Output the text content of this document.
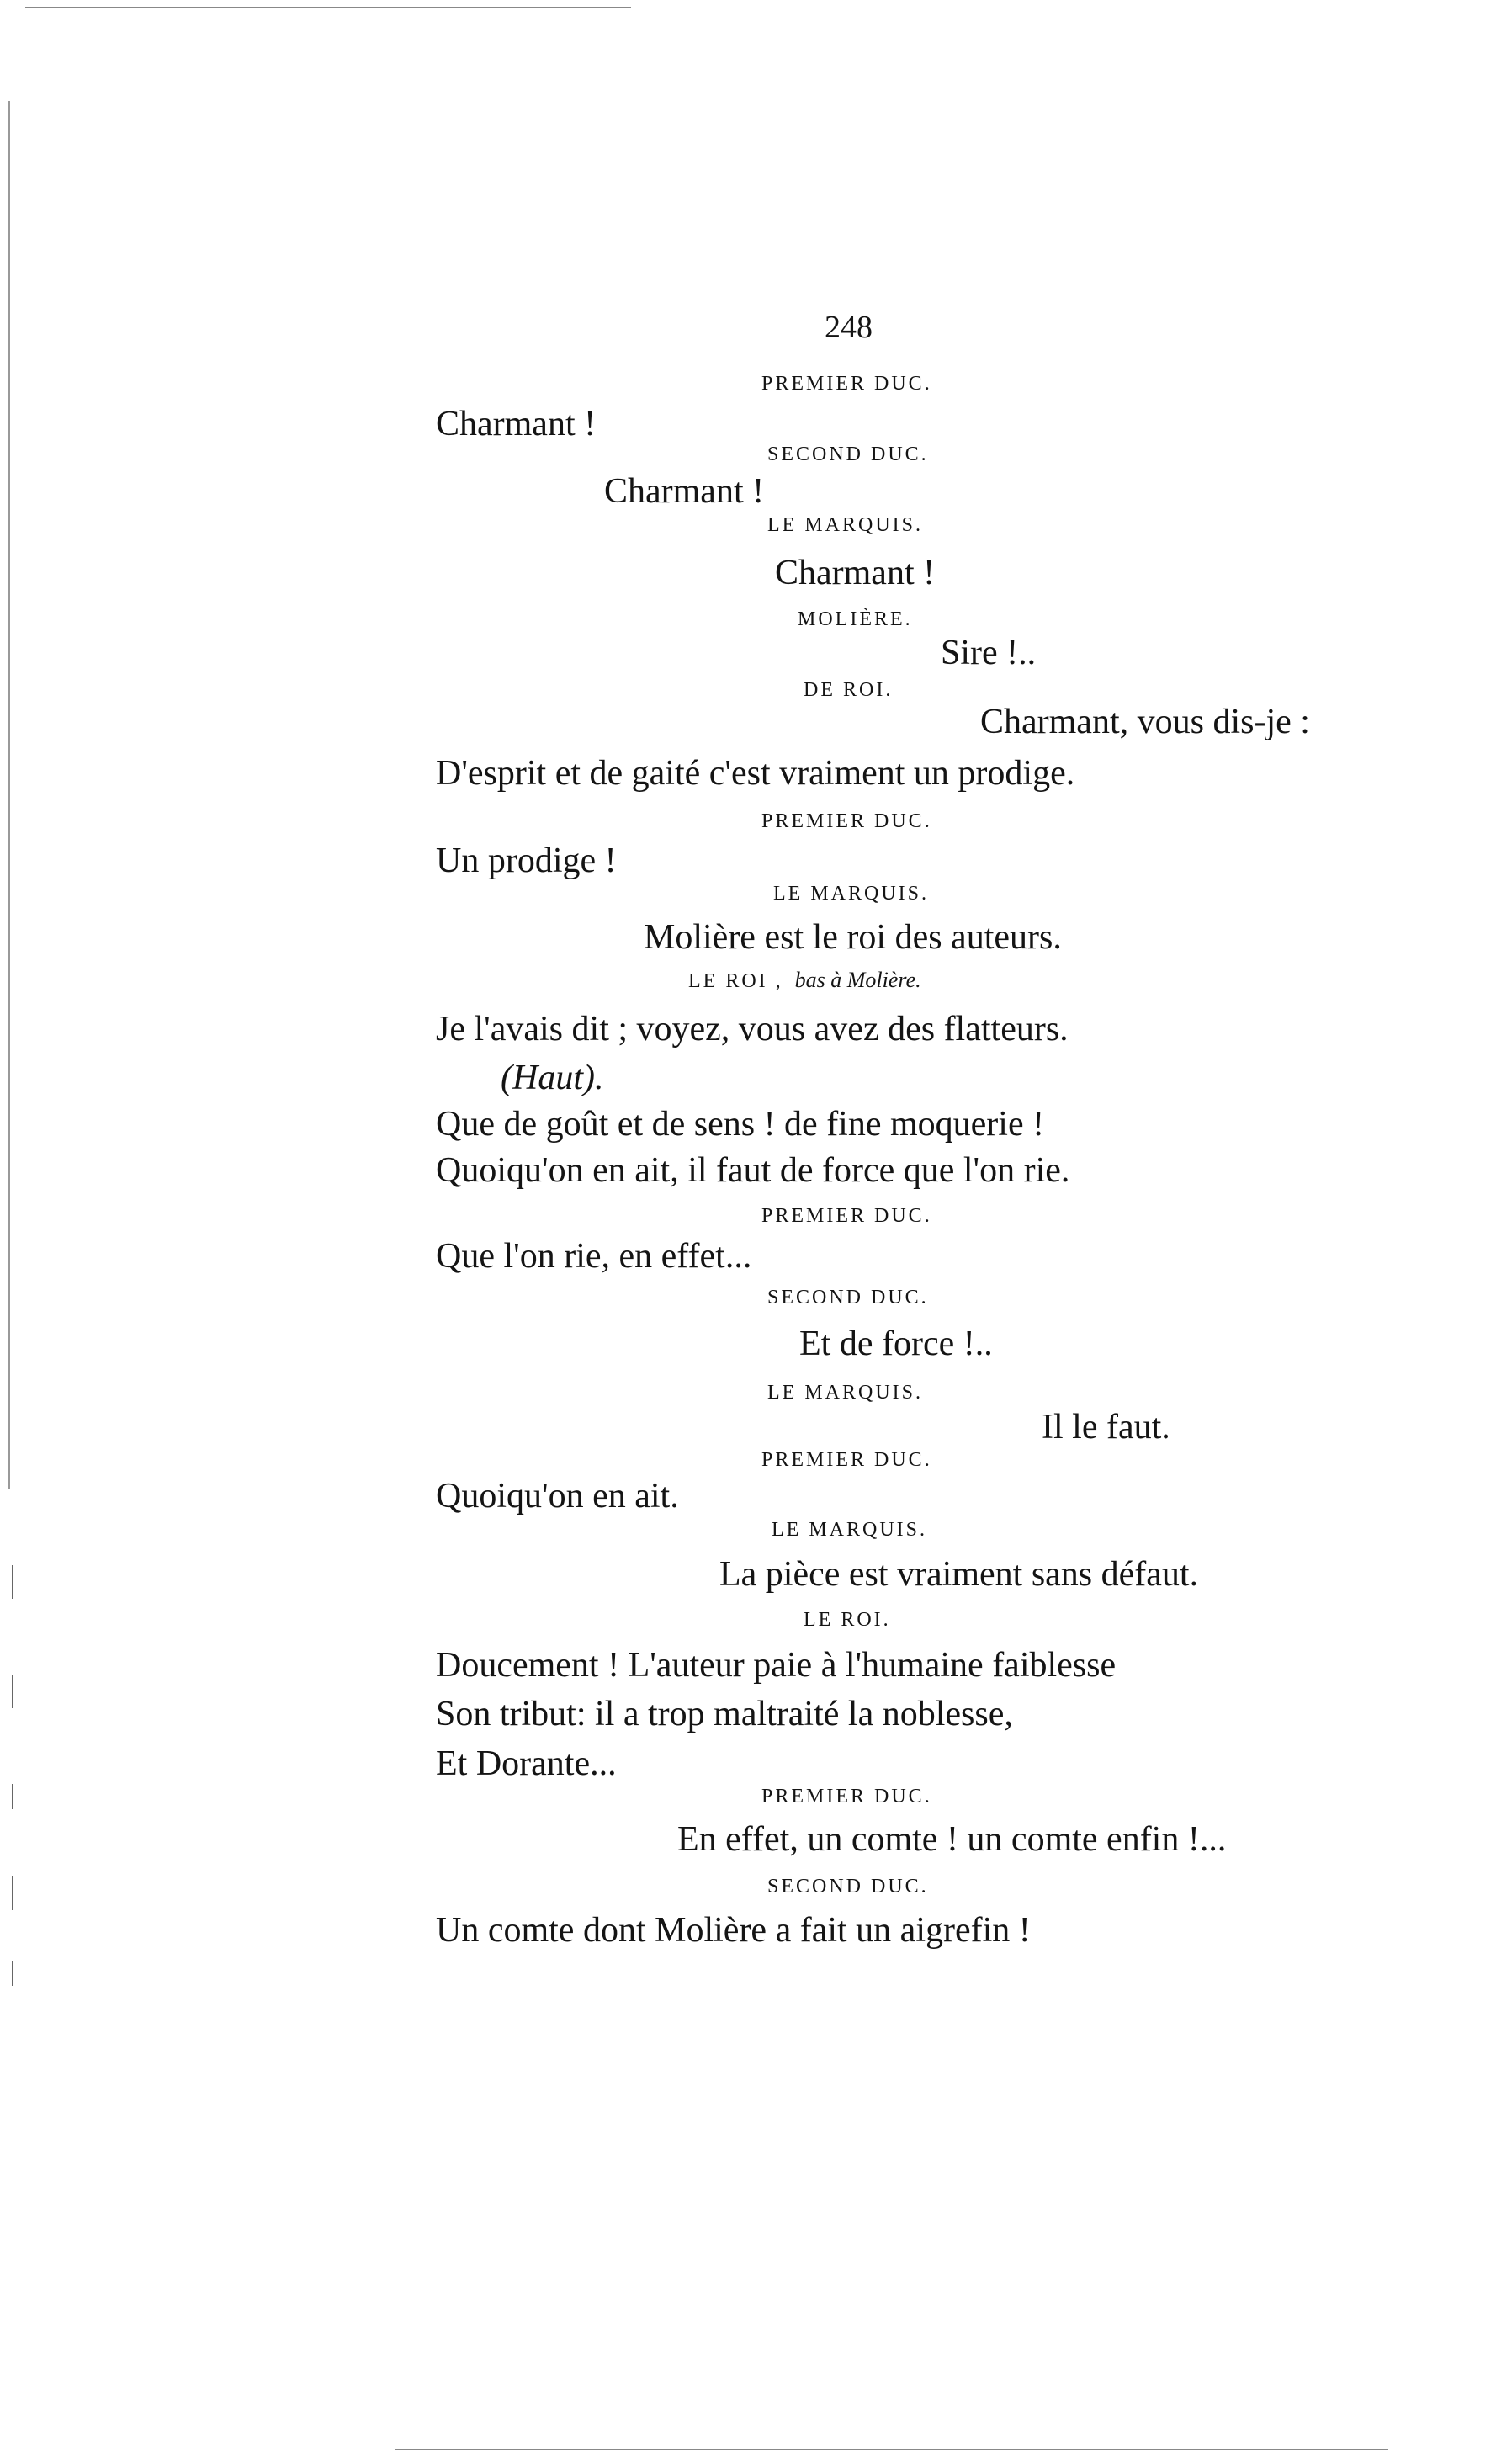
248
PREMIER DUC.
Charmant !
SECOND DUC.
Charmant !
LE MARQUIS.
Charmant !
MOLIÈRE.
Sire !..
DE ROI.
Charmant, vous dis-je :
D'esprit et de gaité c'est vraiment un prodige.
PREMIER DUC.
Un prodige !
LE MARQUIS.
Molière est le roi des auteurs.
LE ROI , bas à Molière.
Je l'avais dit ; voyez, vous avez des flatteurs.
(Haut).
Que de goût et de sens ! de fine moquerie !
Quoiqu'on en ait, il faut de force que l'on rie.
PREMIER DUC.
Que l'on rie, en effet...
SECOND DUC.
Et de force !..
LE MARQUIS.
Il le faut.
PREMIER DUC.
Quoiqu'on en ait.
LE MARQUIS.
La pièce est vraiment sans défaut.
LE ROI.
Doucement ! L'auteur paie à l'humaine faiblesse
Son tribut: il a trop maltraité la noblesse,
Et Dorante...
PREMIER DUC.
En effet, un comte ! un comte enfin !...
SECOND DUC.
Un comte dont Molière a fait un aigrefin !
